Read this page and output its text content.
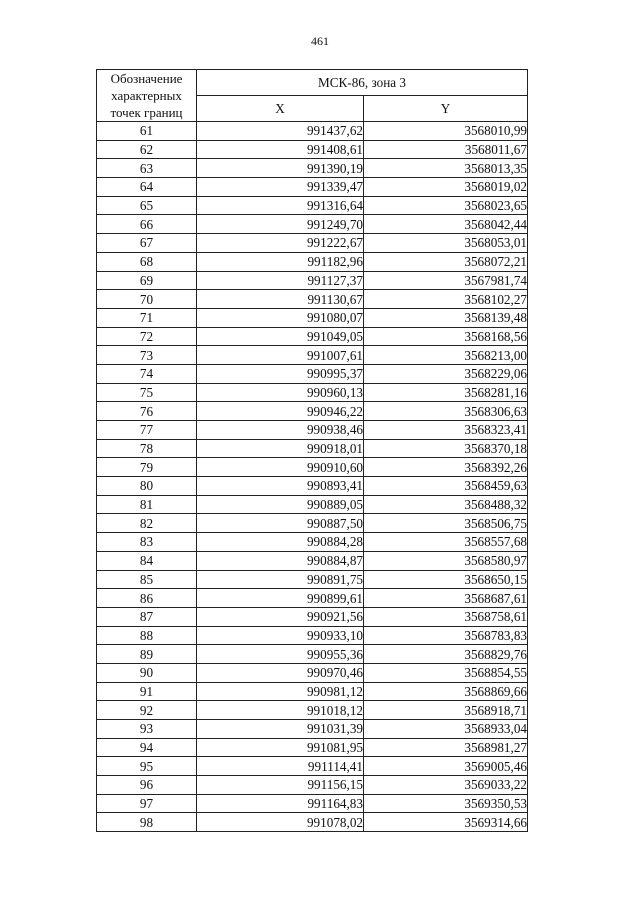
461
Обозначение характерных точек границ	МСК-86, зона 3	
	X	Y
61	991437,62	3568010,99
62	991408,61	3568011,67
63	991390,19	3568013,35
64	991339,47	3568019,02
65	991316,64	3568023,65
66	991249,70	3568042,44
67	991222,67	3568053,01
68	991182,96	3568072,21
69	991127,37	3567981,74
70	991130,67	3568102,27
71	991080,07	3568139,48
72	991049,05	3568168,56
73	991007,61	3568213,00
74	990995,37	3568229,06
75	990960,13	3568281,16
76	990946,22	3568306,63
77	990938,46	3568323,41
78	990918,01	3568370,18
79	990910,60	3568392,26
80	990893,41	3568459,63
81	990889,05	3568488,32
82	990887,50	3568506,75
83	990884,28	3568557,68
84	990884,87	3568580,97
85	990891,75	3568650,15
86	990899,61	3568687,61
87	990921,56	3568758,61
88	990933,10	3568783,83
89	990955,36	3568829,76
90	990970,46	3568854,55
91	990981,12	3568869,66
92	991018,12	3568918,71
93	991031,39	3568933,04
94	991081,95	3568981,27
95	991114,41	3569005,46
96	991156,15	3569033,22
97	991164,83	3569350,53
98	991078,02	3569314,66
